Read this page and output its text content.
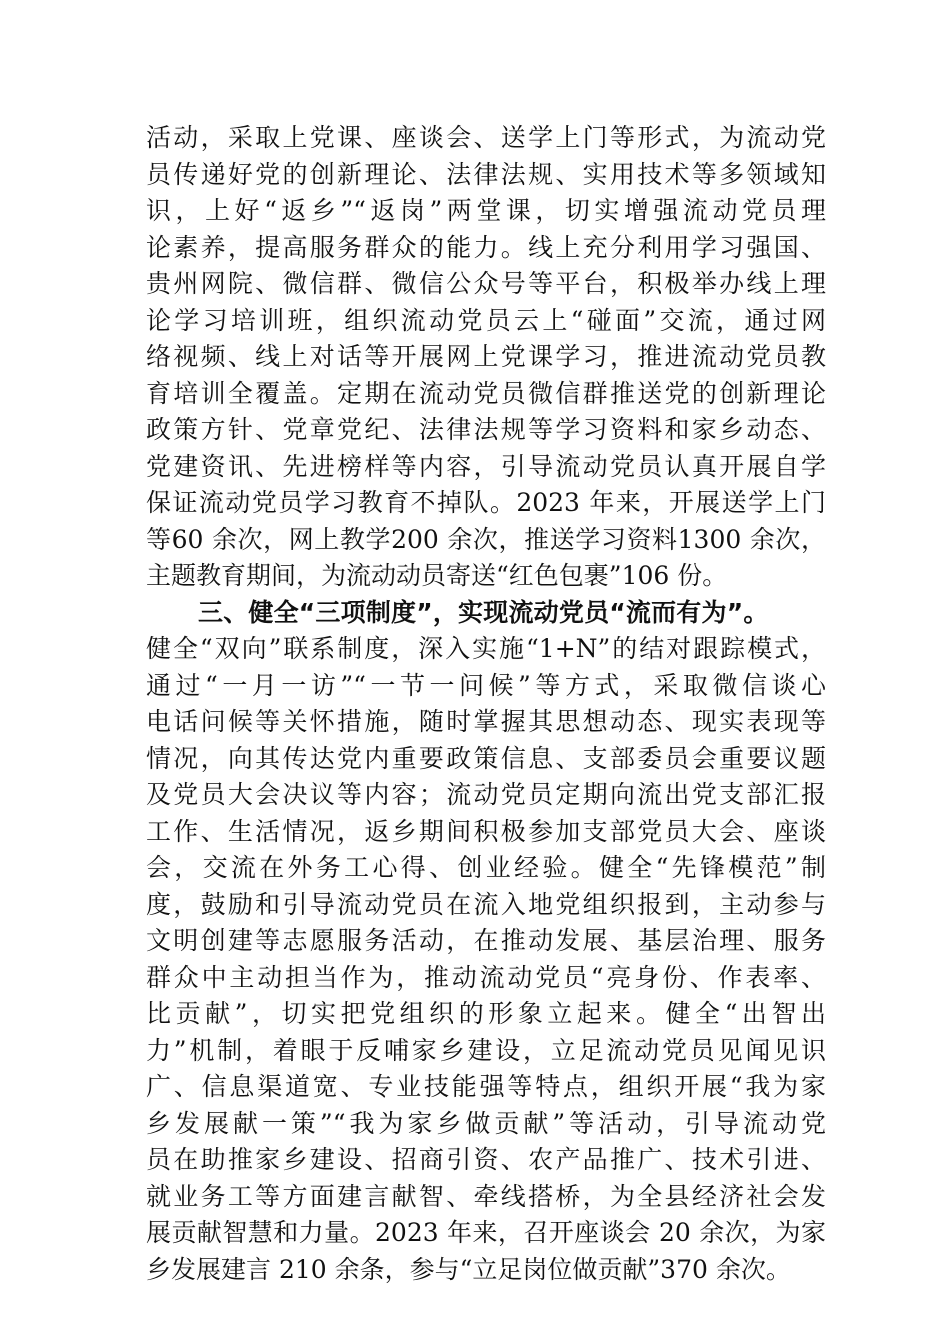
活动，采取上党课、座谈会、送学上门等形式，为流动党
员传递好党的创新理论、法律法规、实用技术等多领域知
识，上好“返乡”“返岗”两堂课，切实增强流动党员理
论素养，提高服务群众的能力。线上充分利用学习强国、
贵州网院、微信群、微信公众号等平台，积极举办线上理
论学习培训班，组织流动党员云上“碰面”交流，通过网
络视频、线上对话等开展网上党课学习，推进流动党员教
育培训全覆盖。定期在流动党员微信群推送党的创新理论
政策方针、党章党纪、法律法规等学习资料和家乡动态、
党建资讯、先进榜样等内容，引导流动党员认真开展自学
保证流动党员学习教育不掉队。2023 年来，开展送学上门
等60 余次，网上教学200 余次，推送学习资料1300 余次，
主题教育期间，为流动动员寄送“红色包裹”106 份。
三、健全“三项制度”，实现流动党员“流而有为”。
健全“双向”联系制度，深入实施“1+N”的结对跟踪模式，
通过“一月一访”“一节一问候”等方式，采取微信谈心
电话问候等关怀措施，随时掌握其思想动态、现实表现等
情况，向其传达党内重要政策信息、支部委员会重要议题
及党员大会决议等内容；流动党员定期向流出党支部汇报
工作、生活情况，返乡期间积极参加支部党员大会、座谈
会，交流在外务工心得、创业经验。健全“先锋模范”制
度，鼓励和引导流动党员在流入地党组织报到，主动参与
文明创建等志愿服务活动，在推动发展、基层治理、服务
群众中主动担当作为，推动流动党员“亮身份、作表率、
比贡献”，切实把党组织的形象立起来。健全“出智出
力”机制，着眼于反哺家乡建设，立足流动党员见闻见识
广、信息渠道宽、专业技能强等特点，组织开展“我为家
乡发展献一策”“我为家乡做贡献”等活动，引导流动党
员在助推家乡建设、招商引资、农产品推广、技术引进、
就业务工等方面建言献智、牵线搭桥，为全县经济社会发
展贡献智慧和力量。2023 年来，召开座谈会 20 余次，为家
乡发展建言 210 余条，参与“立足岗位做贡献”370 余次。
